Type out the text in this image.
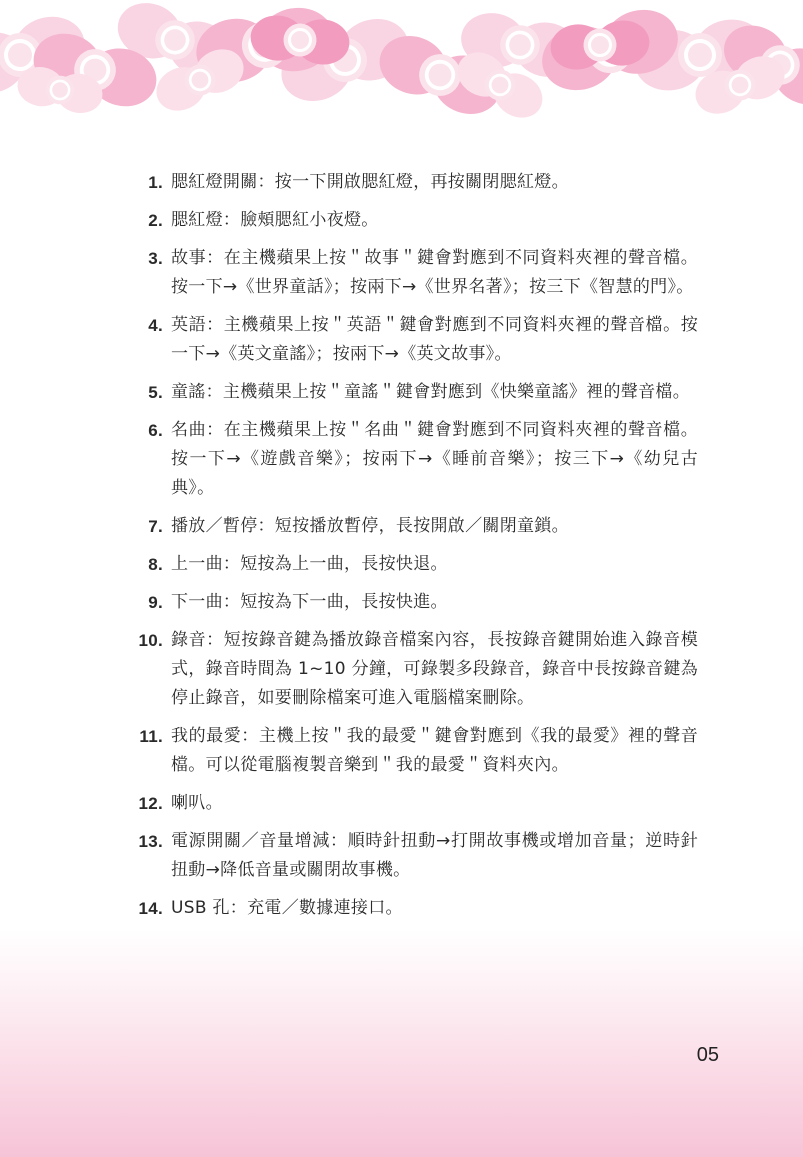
1. 腮紅燈開關：按一下開啟腮紅燈，再按關閉腮紅燈。
2. 腮紅燈：臉頰腮紅小夜燈。
3. 故事：在主機蘋果上按＂故事＂鍵會對應到不同資料夾裡的聲音檔。按一下→《世界童話》；按兩下→《世界名著》；按三下《智慧的門》。
4. 英語：主機蘋果上按＂英語＂鍵會對應到不同資料夾裡的聲音檔。按一下→《英文童謠》；按兩下→《英文故事》。
5. 童謠：主機蘋果上按＂童謠＂鍵會對應到《快樂童謠》裡的聲音檔。
6. 名曲：在主機蘋果上按＂名曲＂鍵會對應到不同資料夾裡的聲音檔。按一下→《遊戲音樂》；按兩下→《睡前音樂》；按三下→《幼兒古典》。
7. 播放／暫停：短按播放暫停，長按開啟／關閉童鎖。
8. 上一曲：短按為上一曲，長按快退。
9. 下一曲：短按為下一曲，長按快進。
10. 錄音：短按錄音鍵為播放錄音檔案內容，長按錄音鍵開始進入錄音模式，錄音時間為 1~10 分鐘，可錄製多段錄音，錄音中長按錄音鍵為停止錄音，如要刪除檔案可進入電腦檔案刪除。
11. 我的最愛：主機上按＂我的最愛＂鍵會對應到《我的最愛》裡的聲音檔。可以從電腦複製音樂到＂我的最愛＂資料夾內。
12. 喇叭。
13. 電源開關／音量增減：順時針扭動→打開故事機或增加音量；逆時針扭動→降低音量或關閉故事機。
14. USB 孔：充電／數據連接口。
05
